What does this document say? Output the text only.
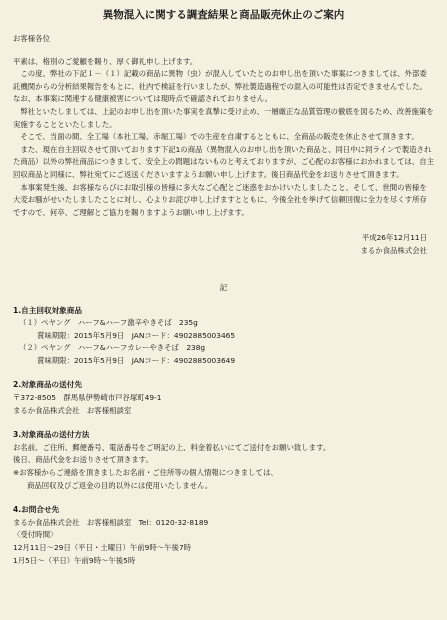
異物混入に関する調査結果と商品販売休止のご案内

お客様各位

平素は、格別のご愛顧を賜り、厚く御礼申し上げます。

この度、弊社の下記１－（１）記載の商品に異物（虫）が混入していたとのお申し出を頂いた事案につきましては、外部委託機関からの分析結果報告をもとに、社内で検証を行いましたが、弊社製造過程での混入の可能性は否定できませんでした。なお、本事案に関連する健康被害については現時点で確認されておりません。

弊社といたしましては、上記のお申し出を頂いた事実を真摯に受け止め、一層厳正な品質管理の徹底を図るため、改善施策を実施することといたしました。

そこで、当面の間、全工場（本社工場、赤堀工場）での生産を自粛するとともに、全商品の販売を休止させて頂きます。

また、現在自主回収させて頂いております下記1の商品（異物混入のお申し出を頂いた商品と、同日中に同ラインで製造された商品）以外の弊社商品につきまして、安全上の問題はないものと考えておりますが、ご心配のお客様におかれましては、自主回収商品と同様に、弊社宛てにご返送くださいますようお願い申し上げます。後日商品代金をお送りさせて頂きます。

本事案発生後、お客様ならびにお取引様の皆様に多大なご心配とご迷惑をおかけいたしましたこと、そして、世間の皆様を大変お騒がせいたしましたことに対し、心よりお詫び申し上げますとともに、今後全社を挙げて信頼回復に全力を尽くす所存ですので、何卒、ご理解とご協力を賜りますようお願い申し上げます。

平成26年12月11日

まるか食品株式会社

記

1.自主回収対象商品

（１）ペヤング　ハーフ&ハーフ激辛やきそば　235g

賞味期限：2015年5月9日　JANコード：4902885003465

（２）ペヤング　ハーフ&ハーフカレーやきそば　238g

賞味期限：2015年5月9日　JANコード：4902885003649

2.対象商品の送付先

〒372-8505　群馬県伊勢崎市戸谷塚町49-1

まるか食品株式会社　お客様相談室

3.対象商品の送付方法

お名前、ご住所、郵便番号、電話番号をご明記の上、料金着払いにてご送付をお願い致します。

後日、商品代金をお送りさせて頂きます。

※お客様からご連絡を頂きましたお名前・ご住所等の個人情報につきましては、

商品回収及びご返金の目的以外には使用いたしません。

4.お問合せ先

まるか食品株式会社　お客様相談室　Tel：0120-32-8189

〈受付時間〉

12月11日～29日（平日・土曜日）午前9時～午後7時

1月5日～（平日）午前9時～午後5時
